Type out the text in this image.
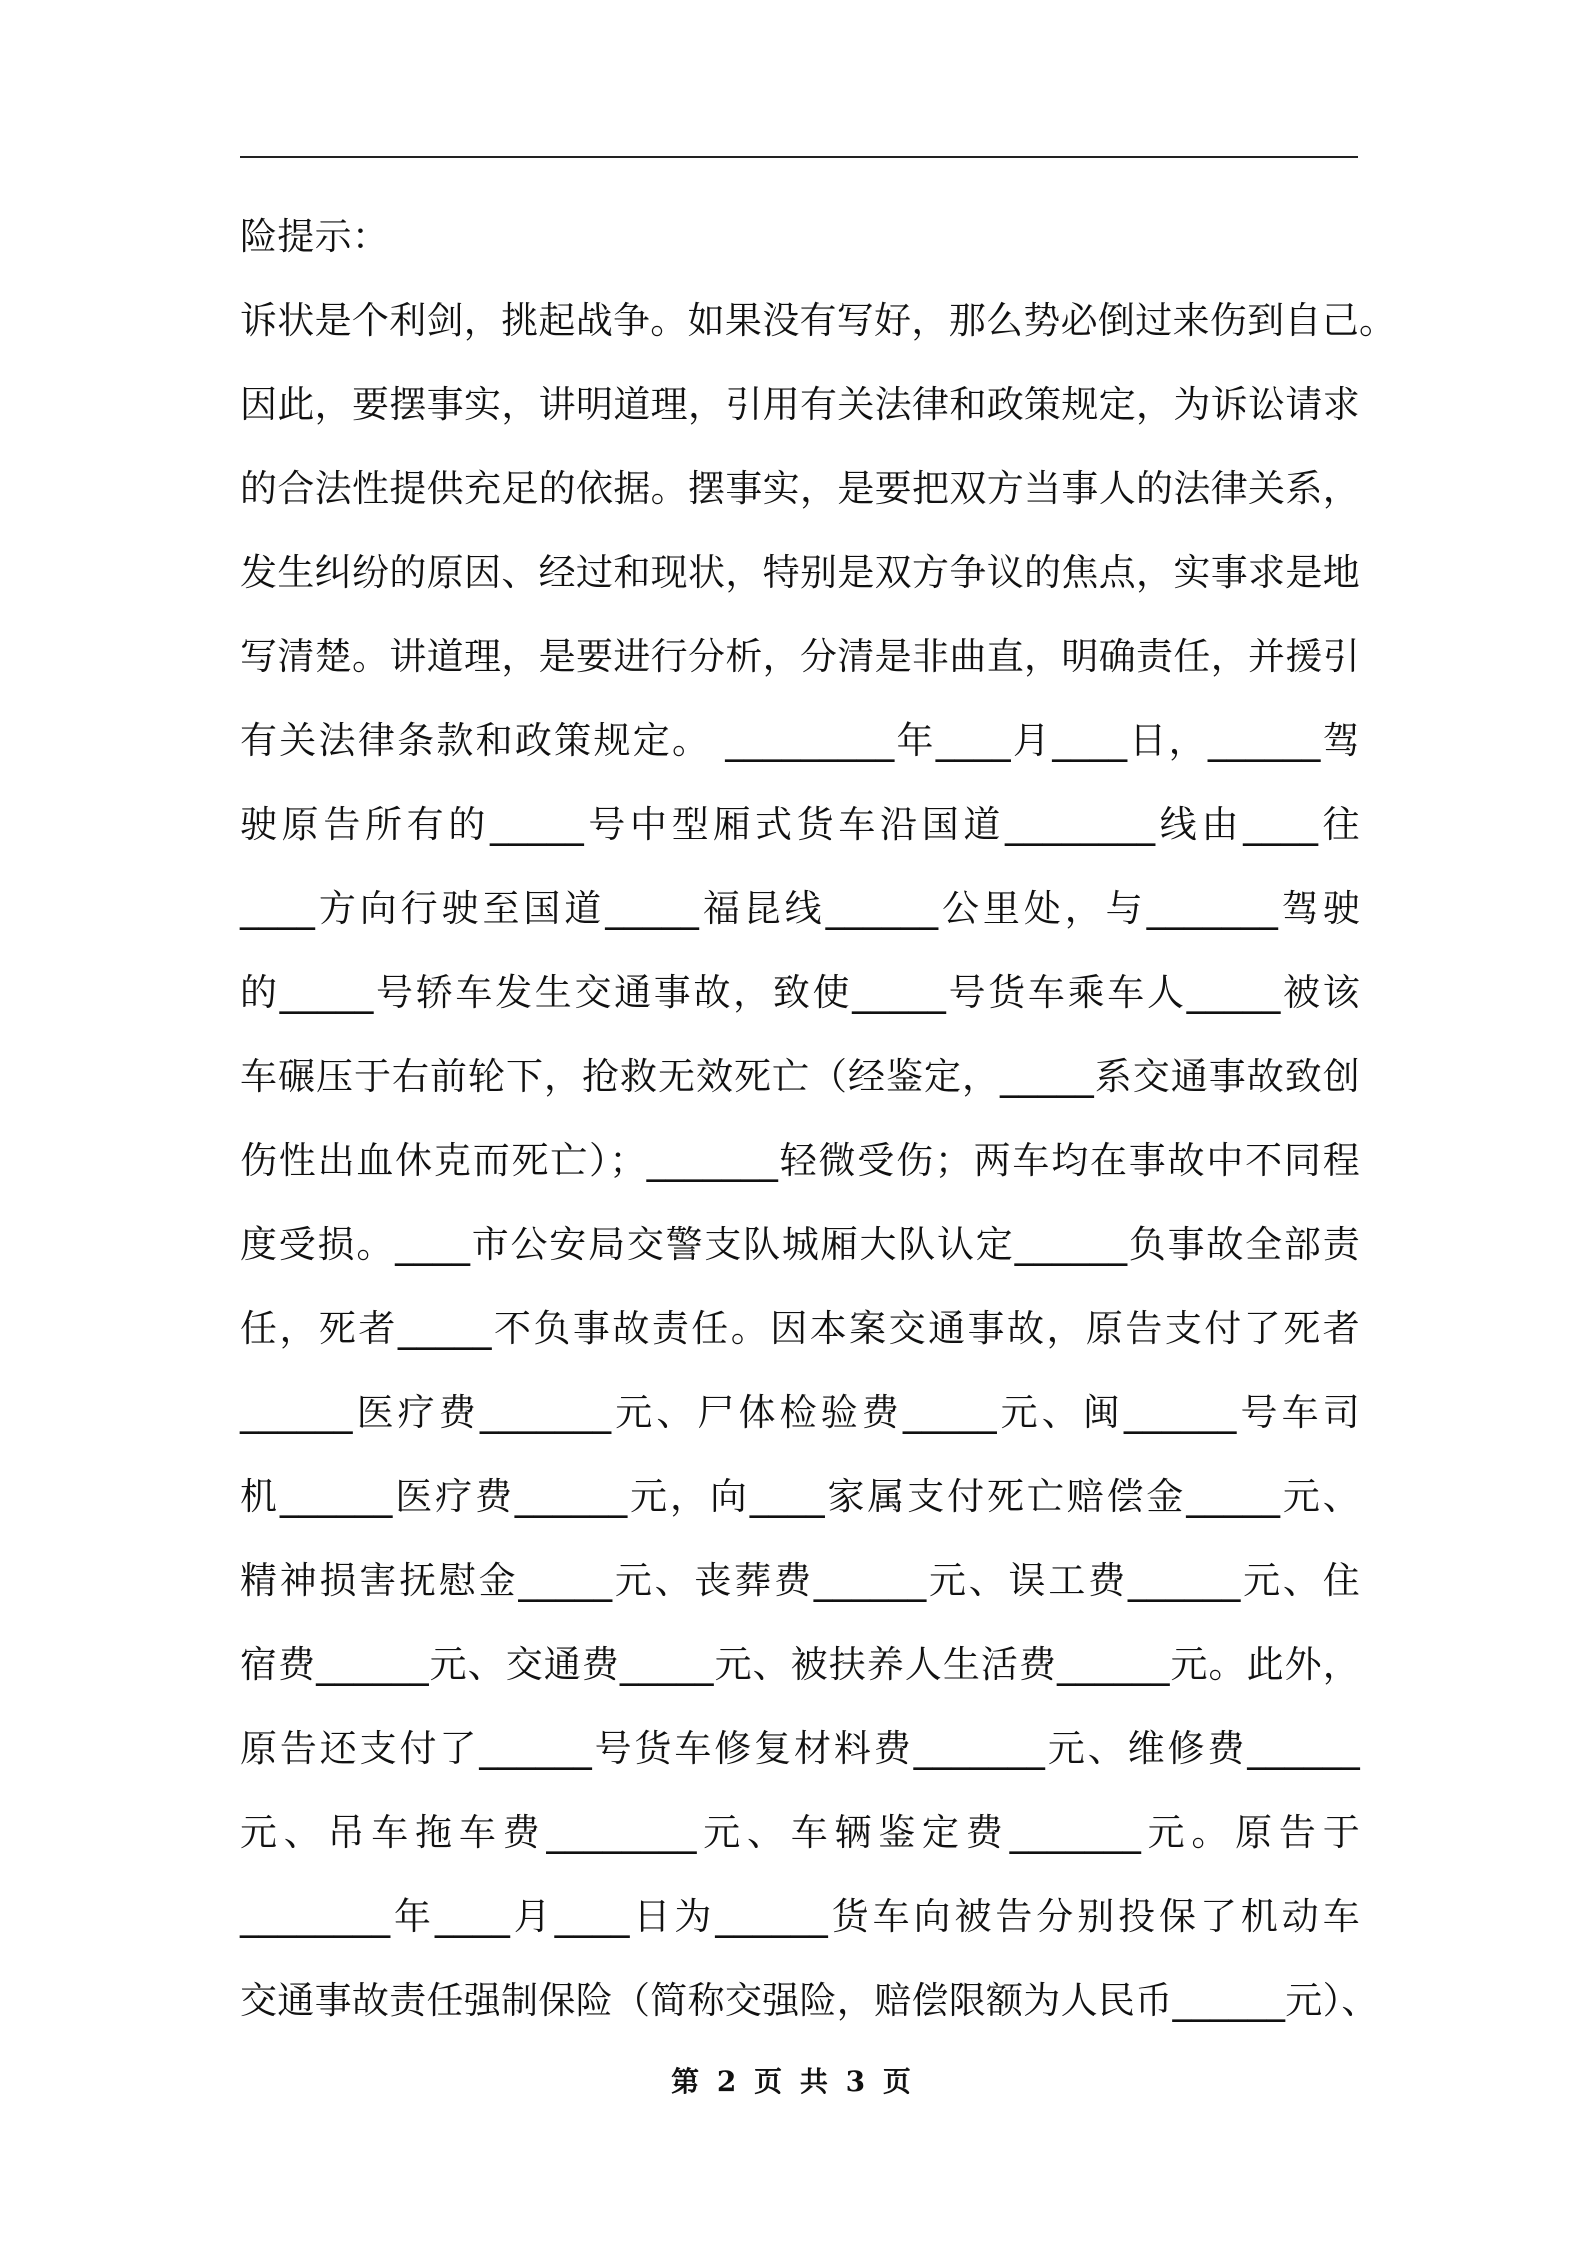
险提示：
诉状是个利剑，挑起战争。如果没有写好，那么势必倒过来伤到自己。
因此，要摆事实，讲明道理，引用有关法律和政策规定，为诉讼请求
的合法性提供充足的依据。摆事实，是要把双方当事人的法律关系，
发生纠纷的原因、经过和现状，特别是双方争议的焦点，实事求是地
写清楚。讲道理，是要进行分析，分清是非曲直，明确责任，并援引
有关法律条款和政策规定。 _________年____月____日，______驾
驶原告所有的_____号中型厢式货车沿国道________线由____往
____方向行驶至国道_____福昆线______公里处，与_______驾驶
的_____号轿车发生交通事故，致使_____号货车乘车人_____被该
车碾压于右前轮下，抢救无效死亡（经鉴定，_____系交通事故致创
伤性出血休克而死亡）；_______轻微受伤；两车均在事故中不同程
度受损。____市公安局交警支队城厢大队认定______负事故全部责
任，死者_____不负事故责任。因本案交通事故，原告支付了死者
______医疗费_______元、尸体检验费_____元、闽______号车司
机______医疗费______元，向____家属支付死亡赔偿金_____元、
精神损害抚慰金_____元、丧葬费______元、误工费______元、住
宿费______元、交通费_____元、被扶养人生活费______元。此外，
原告还支付了______号货车修复材料费_______元、维修费______
元、吊车拖车费________元、车辆鉴定费_______元。原告于
________年____月____日为______货车向被告分别投保了机动车
交通事故责任强制保险（简称交强险，赔偿限额为人民币______元）、
第 2 页 共 3 页
